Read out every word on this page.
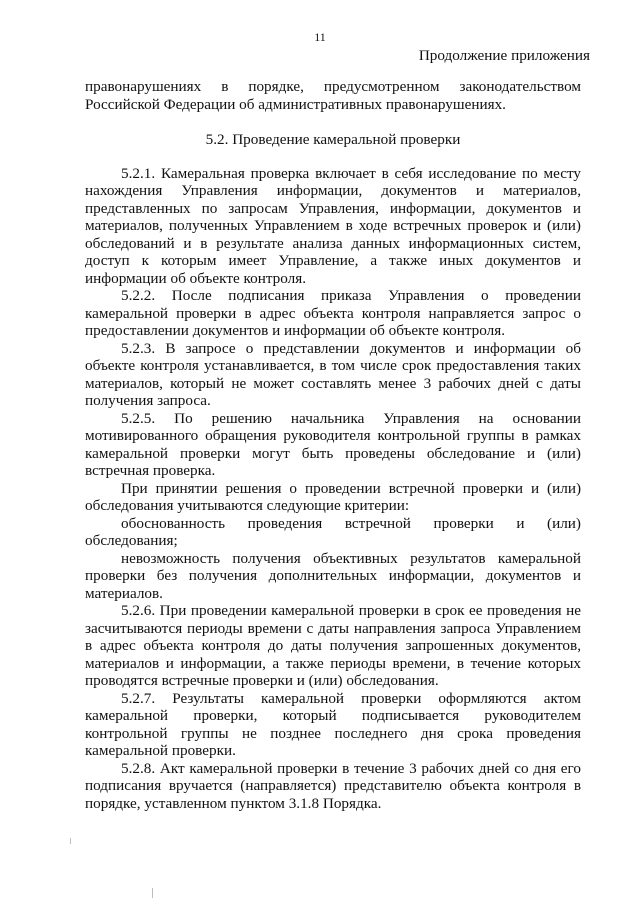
11
Продолжение приложения

правонарушениях в порядке, предусмотренном законодательством Российской Федерации об административных правонарушениях.

5.2. Проведение камеральной проверки

5.2.1. Камеральная проверка включает в себя исследование по месту нахождения Управления информации, документов и материалов, представленных по запросам Управления, информации, документов и материалов, полученных Управлением в ходе встречных проверок и (или) обследований и в результате анализа данных информационных систем, доступ к которым имеет Управление, а также иных документов и информации об объекте контроля.

5.2.2. После подписания приказа Управления о проведении камеральной проверки в адрес объекта контроля направляется запрос о предоставлении документов и информации об объекте контроля.

5.2.3. В запросе о представлении документов и информации об объекте контроля устанавливается, в том числе срок предоставления таких материалов, который не может составлять менее 3 рабочих дней с даты получения запроса.

5.2.5. По решению начальника Управления на основании мотивированного обращения руководителя контрольной группы в рамках камеральной проверки могут быть проведены обследование и (или) встречная проверка.

При принятии решения о проведении встречной проверки и (или) обследования учитываются следующие критерии:

обоснованность проведения встречной проверки и (или) обследования;

невозможность получения объективных результатов камеральной проверки без получения дополнительных информации, документов и материалов.

5.2.6. При проведении камеральной проверки в срок ее проведения не засчитываются периоды времени с даты направления запроса Управлением в адрес объекта контроля до даты получения запрошенных документов, материалов и информации, а также периоды времени, в течение которых проводятся встречные проверки и (или) обследования.

5.2.7. Результаты камеральной проверки оформляются актом камеральной проверки, который подписывается руководителем контрольной группы не позднее последнего дня срока проведения камеральной проверки.

5.2.8. Акт камеральной проверки в течение 3 рабочих дней со дня его подписания вручается (направляется) представителю объекта контроля в порядке, уставленном пунктом 3.1.8 Порядка.
